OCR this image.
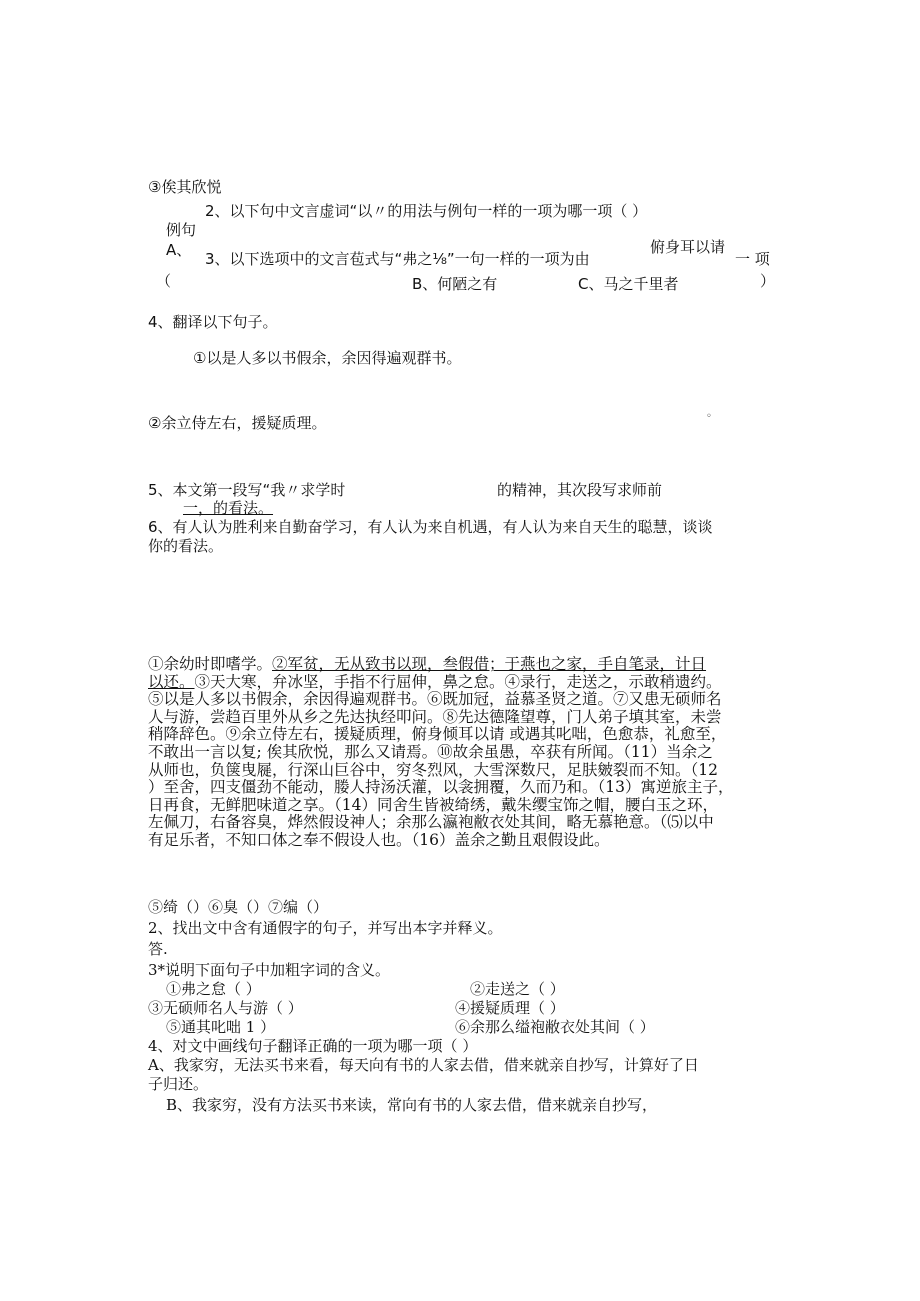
③俟其欣悦
2、以下句中文言虚词“以〃的用法与例句一样的一项为哪一项（ ）
例句
A、 3、以下选项中的文言苞式与“弗之⅛”一句一样的一项为由
俯身耳以请
一 项
（	B、何陋之有	C、马之千里者	）
4、翻译以下句子。
①以是人多以书假余，余因得遍观群书。
②余立侍左右，援疑质理。	◦
5、本文第一段写“我〃求学时	的精神，其次段写求师前
一，的看法。
6、有人认为胜利来自勤奋学习，有人认为来自机遇，有人认为来自天生的聪慧，谈谈
你的看法。
①余幼时即嗜学。②军贫，无从致书以现，叁假借；于燕也之家，手自笔录，计日
以还。③天大寒，弁冰坚，手指不行屈伸，鼻之怠。④录行，走送之，示敢稍遗约。
⑤以是人多以书假余，余因得遍观群书。⑥既加冠，益慕圣贤之道。⑦又患无硕师名
人与游，尝趋百里外从乡之先达执经叩问。⑧先达德隆望尊，门人弟子填其室，未尝
稍降辞色。⑨余立侍左右，援疑质理，俯身倾耳以请 或遇其叱咄，色愈恭，礼愈至，
不敢出一言以复; 俟其欣悦，那么又请焉。⑩故余虽愚，卒获有所闻。（11）当余之
从师也，负箧曳屣，行深山巨谷中，穷冬烈风，大雪深数尺，足肤皴裂而不知。（12
）至舍，四支僵劲不能动，媵人持汤沃灌，以衾拥覆，久而乃和。（13）寓逆旅主子，
日再食，无鲜肥味道之享。（14）同舍生皆被绮绣，戴朱缨宝饰之帽，腰白玉之环，
左佩刀，右备容臭，烨然假设神人；余那么瀛袍敝衣处其间，略无慕艳意。（⑸以中
有足乐者，不知口体之奉不假设人也。（16）盖余之勤且艰假设此。
⑤绮（）⑥臭（）⑦编（）
2、找出文中含有通假字的句子，并写出本字并释义。
答.
3*说明下面句子中加粗字词的含义。
①弗之怠（ ）	②走送之（ ）
③无硕师名人与游（ ）	④援疑质理（ ）
⑤通其叱咄 1 ）	⑥余那么缢袍敝衣处其间（ ）
4、对文中画线句子翻译正确的一项为哪一项（ ）
A、我家穷，无法买书来看，每天向有书的人家去借，借来就亲自抄写，计算好了日
子归还。
B、我家穷，没有方法买书来读，常向有书的人家去借，借来就亲自抄写，
